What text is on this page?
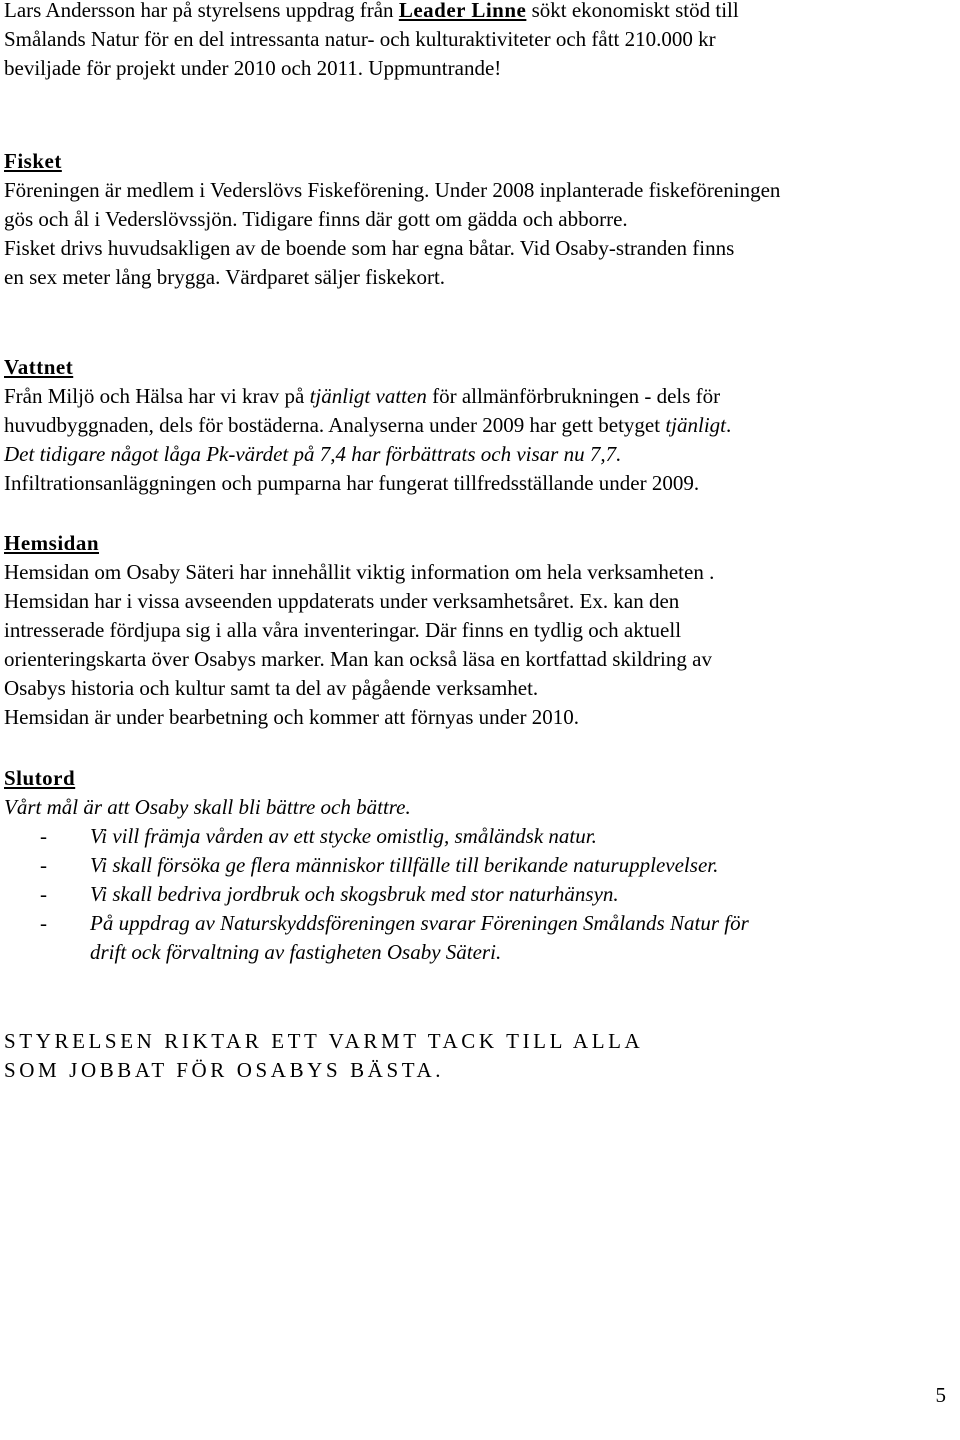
Lars Andersson har på styrelsens uppdrag från Leader Linne sökt ekonomiskt stöd till
Smålands Natur för en del intressanta natur- och kulturaktiviteter och fått 210.000 kr
beviljade för projekt under 2010 och 2011. Uppmuntrande!
Fisket
Föreningen är medlem i Vederslövs Fiskeförening. Under 2008 inplanterade fiskeföreningen
gös och ål i Vederslövssjön. Tidigare finns där gott om gädda och abborre.
Fisket drivs huvudsakligen av de boende som har egna båtar. Vid Osaby-stranden finns
en sex meter lång brygga. Värdparet säljer fiskekort.
Vattnet
Från Miljö och Hälsa har vi krav på tjänligt vatten för allmänförbrukningen - dels för
huvudbyggnaden, dels för bostäderna. Analyserna under 2009 har gett betyget tjänligt.
Det tidigare något låga Pk-värdet på 7,4 har förbättrats och visar nu 7,7.
Infiltrationsanläggningen och pumparna har fungerat tillfredsställande under 2009.
Hemsidan
Hemsidan om Osaby Säteri har innehållit viktig information om hela verksamheten .
Hemsidan har i vissa avseenden uppdaterats under verksamhetsåret. Ex. kan den
intresserade fördjupa sig i alla våra inventeringar. Där finns en tydlig och aktuell
orienteringskarta över Osabys marker. Man kan också läsa en kortfattad skildring av
Osabys historia och kultur samt ta del av pågående verksamhet.
Hemsidan är under bearbetning och kommer att förnyas under 2010.
Slutord
Vårt mål är att Osaby skall bli bättre och bättre.
- Vi vill främja vården av ett stycke omistlig, småländsk natur.
- Vi skall försöka ge flera människor tillfälle till berikande naturupplevelser.
- Vi skall bedriva jordbruk och skogsbruk med stor naturhänsyn.
- På uppdrag av Naturskyddsföreningen svarar Föreningen Smålands Natur för
drift ock förvaltning av fastigheten Osaby Säteri.
STYRELSEN RIKTAR ETT VARMT TACK TILL ALLA
SOM JOBBAT FÖR OSABYS BÄSTA.
5
